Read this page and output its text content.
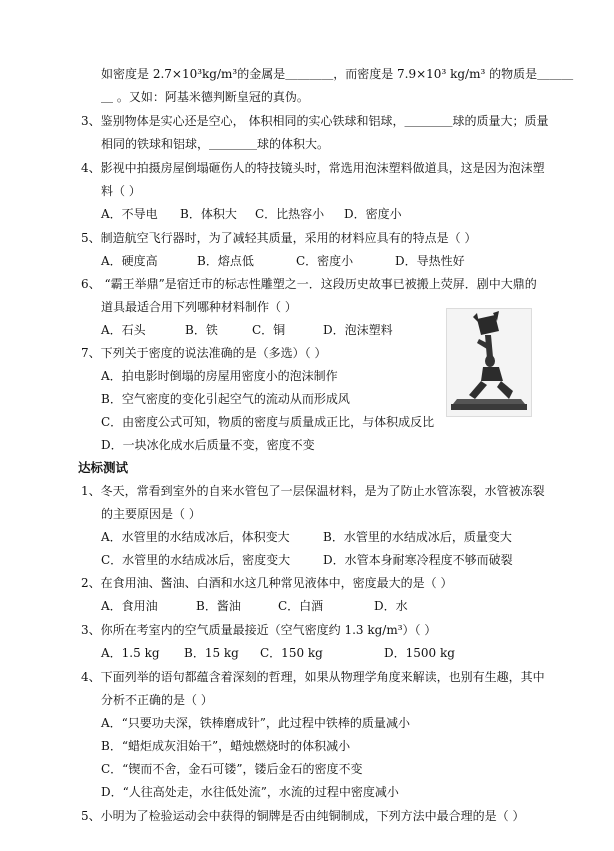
如密度是 2.7×10³kg/m³的金属是＿＿＿＿，而密度是 7.9×10³ kg/m³ 的物质是＿＿＿
＿ 。又如：阿基米德判断皇冠的真伪。
3、鉴别物体是实心还是空心， 体积相同的实心铁球和铝球，＿＿＿＿球的质量大；质量
相同的铁球和铝球，＿＿＿＿球的体积大。
4、影视中拍摄房屋倒塌砸伤人的特技镜头时，常选用泡沫塑料做道具，这是因为泡沫塑
料（ ）
A．不导电 B．体积大 C．比热容小 D．密度小
5、制造航空飞行器时，为了减轻其质量，采用的材料应具有的特点是（ ）
A．硬度高	B．熔点低	C．密度小	D．导热性好
6、 “霸王举鼎”是宿迁市的标志性雕塑之一．这段历史故事已被搬上荧屏．剧中大鼎的
道具最适合用下列哪种材料制作（ ）
A．石头	B．铁	C．铜	D．泡沫塑料
7、下列关于密度的说法准确的是（多选）（ ）
A．拍电影时倒塌的房屋用密度小的泡沫制作
B．空气密度的变化引起空气的流动从而形成风
C．由密度公式可知，物质的密度与质量成正比，与体积成反比
D．一块冰化成水后质量不变，密度不变
达标测试
1、冬天，常看到室外的自来水管包了一层保温材料，是为了防止水管冻裂，水管被冻裂
的主要原因是（ ）
A．水管里的水结成冰后，体积变大	B．水管里的水结成冰后，质量变大
C．水管里的水结成冰后，密度变大	D．水管本身耐寒冷程度不够而破裂
2、在食用油、酱油、白酒和水这几种常见液体中，密度最大的是（ ）
A．食用油	B．酱油	C．白酒	D．水
3、你所在考室内的空气质量最接近（空气密度约 1.3 kg/m³）（ ）
A．1.5 kg B．15 kg C．150 kg	D．1500 kg
4、下面列举的语句都蕴含着深刻的哲理，如果从物理学角度来解读，也别有生趣，其中
分析不正确的是（ ）
A．“只要功夫深，铁棒磨成针”，此过程中铁棒的质量减小
B．“蜡炬成灰泪始干”，蜡烛燃烧时的体积减小
C．“锲而不舍，金石可镂”，镂后金石的密度不变
D．“人往高处走，水往低处流”，水流的过程中密度减小
5、小明为了检验运动会中获得的铜牌是否由纯铜制成，下列方法中最合理的是（ ）
